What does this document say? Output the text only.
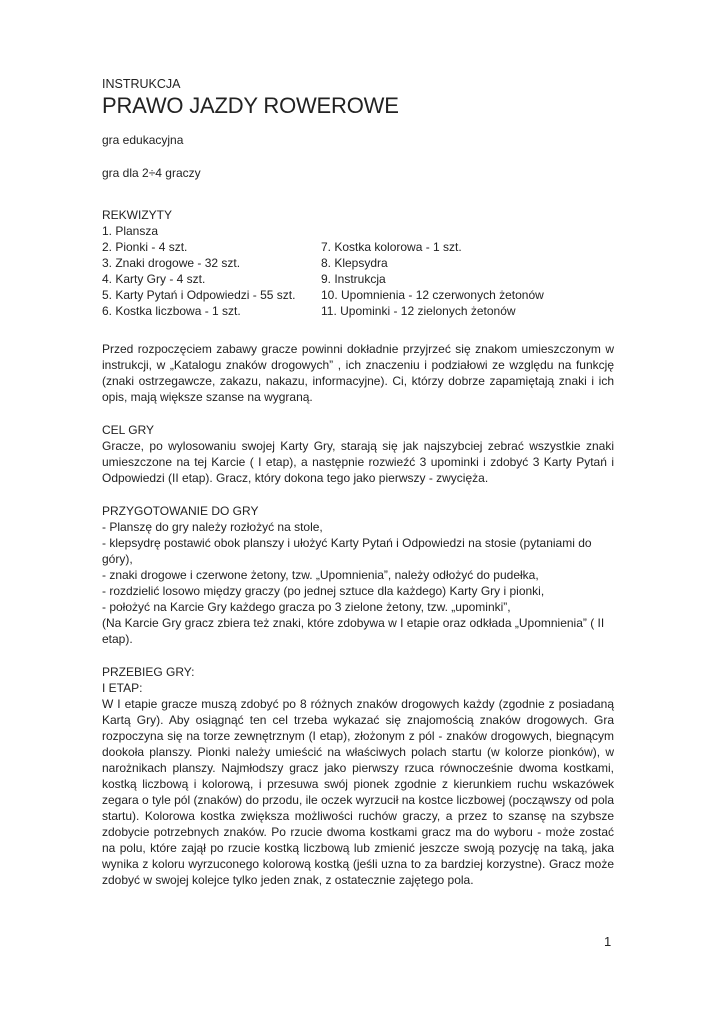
INSTRUKCJA
PRAWO JAZDY ROWEROWE
gra edukacyjna
gra dla 2÷4 graczy
REKWIZYTY
1. Plansza
2. Pionki - 4 szt.
3. Znaki drogowe - 32 szt.
4. Karty Gry - 4 szt.
5. Karty Pytań i Odpowiedzi - 55 szt.
6. Kostka liczbowa - 1 szt.

7. Kostka kolorowa - 1 szt.
8. Klepsydra
9. Instrukcja
10. Upomnienia - 12 czerwonych żetonów
11. Upominki - 12 zielonych żetonów
Przed rozpoczęciem zabawy gracze powinni dokładnie przyjrzeć się znakom umieszczonym w instrukcji, w „Katalogu znaków drogowych” , ich znaczeniu i podziałowi ze względu na funkcję (znaki ostrzegawcze, zakazu, nakazu, informacyjne). Ci, którzy dobrze zapamiętają znaki i ich opis, mają większe szanse na wygraną.
CEL GRY
Gracze, po wylosowaniu swojej Karty Gry, starają się jak najszybciej zebrać wszystkie znaki umieszczone na tej Karcie ( I etap), a następnie rozwieźć 3 upominki i zdobyć 3 Karty Pytań i Odpowiedzi (II etap). Gracz, który dokona tego jako pierwszy - zwycięża.
PRZYGOTOWANIE DO GRY
- Planszę do gry należy rozłożyć na stole,
- klepsydrę postawić obok planszy i ułożyć Karty Pytań i Odpowiedzi na stosie (pytaniami do góry),
- znaki drogowe i czerwone żetony, tzw. „Upomnienia”, należy odłożyć do pudełka,
- rozdzielić losowo między graczy (po jednej sztuce dla każdego) Karty Gry i pionki,
- położyć na Karcie Gry każdego gracza po 3 zielone żetony, tzw. „upominki”,
(Na Karcie Gry gracz zbiera też znaki, które zdobywa w I etapie oraz odkłada „Upomnienia” ( II etap).
PRZEBIEG GRY:
I ETAP:
W I etapie gracze muszą zdobyć po 8 różnych znaków drogowych każdy (zgodnie z posiadaną Kartą Gry). Aby osiągnąć ten cel trzeba wykazać się znajomością znaków drogowych. Gra rozpoczyna się na torze zewnętrznym (I etap), złożonym z pól - znaków drogowych, biegnącym dookoła planszy. Pionki należy umieścić na właściwych polach startu (w kolorze pionków), w narożnikach planszy. Najmłodszy gracz jako pierwszy rzuca równocześnie dwoma kostkami, kostką liczbową i kolorową, i przesuwa swój pionek zgodnie z kierunkiem ruchu wskazówek zegara o tyle pól (znaków) do przodu, ile oczek wyrzucił na kostce liczbowej (począwszy od pola startu). Kolorowa kostka zwiększa możliwości ruchów graczy, a przez to szansę na szybsze zdobycie potrzebnych znaków. Po rzucie dwoma kostkami gracz ma do wyboru - może zostać na polu, które zajął po rzucie kostką liczbową lub zmienić jeszcze swoją pozycję na taką, jaka wynika z koloru wyrzuconego kolorową kostką (jeśli uzna to za bardziej korzystne). Gracz może zdobyć w swojej kolejce tylko jeden znak, z ostatecznie zajętego pola.
1
